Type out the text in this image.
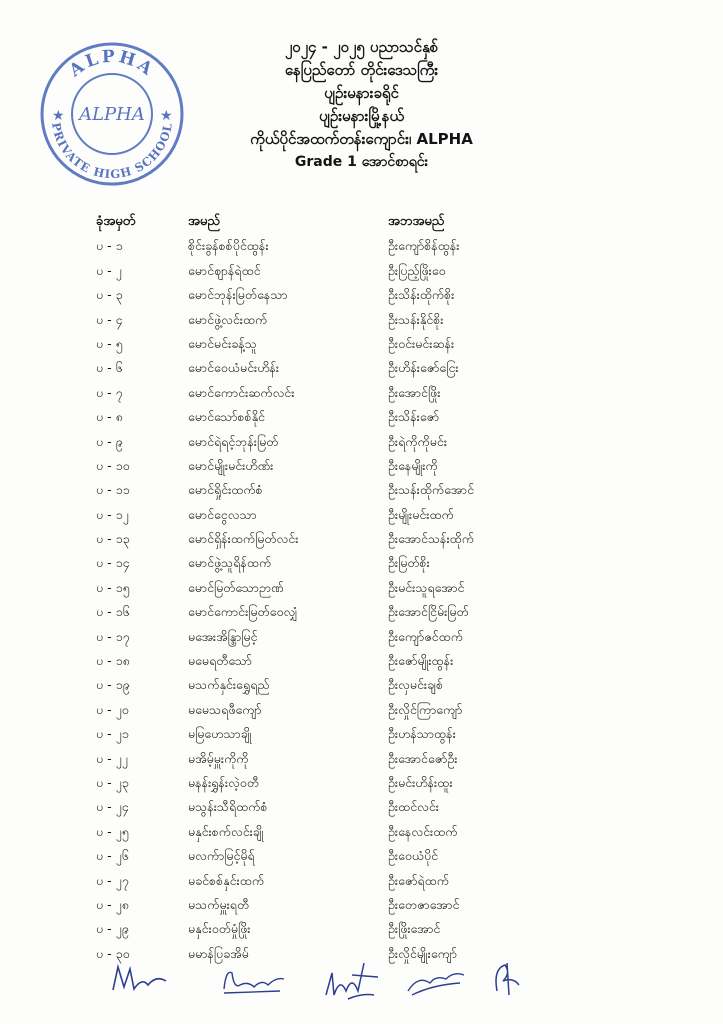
ALPHA
PRIVATE HIGH SCHOOL
★	★
ALPHA
၂၀၂၄ - ၂၀၂၅ ပညာသင်နှစ်
နေပြည်တော် တိုင်းဒေသကြီး
ပျဉ်းမနားခရိုင်
ပျဉ်းမနားမြို့နယ်
ကိုယ်ပိုင်အထက်တန်းကျောင်း၊ ALPHA
Grade 1 အောင်စာရင်း
ခုံအမှတ်	အမည်	အဘအမည်
ပ - ၁	စိုင်းခွန်စစ်ပိုင်ထွန်း	ဦးကျော်စိန်ထွန်း
ပ - ၂	မောင်ဈာန်ရဲထင်	ဦးပြည့်ဖြိုးဝေ
ပ - ၃	မောင်ဘုန်းမြတ်နေသာ	ဦးသိန်းထိုက်စိုး
ပ - ၄	မောင်ဖွဲ့လင်းထက်	ဦးသန်းနိုင်စိုး
ပ - ၅	မောင်မင်းခန့်သူ	ဦးဝင်းမင်းဆန်း
ပ - ၆	မောင်ဝေယံမင်းဟိန်း	ဦးဟိန်းဇော်ငြေး
ပ - ၇	မောင်ကောင်းဆက်လင်း	ဦးအောင်ဖြိုး
ပ - ၈	မောင်သော်စစ်နိုင်	ဦးသိန်းဇော်
ပ - ၉	မောင်ရဲရင့်ဘုန်းမြတ်	ဦးရဲကိုကိုမင်း
ပ - ၁၀	မောင်မျိုးမင်းဟိဏ်း	ဦးနေမျိုးကို
ပ - ၁၁	မောင်ရှိုင်းထက်စံ	ဦးသန်းထိုက်အောင်
ပ - ၁၂	မောင်ငွေလသာ	ဦးမျိုးမင်းထက်
ပ - ၁၃	မောင်ရှိန်းထက်မြတ်လင်း	ဦးအောင်သန်းထိုက်
ပ - ၁၄	မောင်ဖွဲ့သူရိန်ထက်	ဦးမြတ်စိုး
ပ - ၁၅	မောင်မြတ်သောဉာဏ်	ဦးမင်းသူရအောင်
ပ - ၁၆	မောင်ကောင်းမြတ်ဝေလျှံ	ဦးအောင်ငြိမ်းမြတ်
ပ - ၁၇	မအေးအိန္ဒြာမြင့်	ဦးကျော်ဇင်ထက်
ပ - ၁၈	မမေရတီသော်	ဦးဇော်မျိုးထွန်း
ပ - ၁၉	မသက်နှင်းရွှေရည်	ဦးလှမင်းချစ်
ပ - ၂၀	မမေသရဖီကျော်	ဦးလှိုင်ကြာကျော်
ပ - ၂၁	မမြဟေသာချို	ဦးဟန်သာထွန်း
ပ - ၂၂	မအိမ့်မှူးကိုကို	ဦးအောင်ဇော်ဦး
ပ - ၂၃	မနန်းရွှန်းလဲ့ဝတီ	ဦးမင်းဟိန်းထူး
ပ - ၂၄	မသွန်းသီရိထက်စံ	ဦးထင်လင်း
ပ - ၂၅	မနှင်းစက်လင်းချို	ဦးနေလင်းထက်
ပ - ၂၆	မလက်ာမြင့်မိုရ်	ဦးဝေယံပိုင်
ပ - ၂၇	မခင်စစ်နှင်းထက်	ဦးဇော်ရဲထက်
ပ - ၂၈	မသက်မှူးရတီ	ဦးတေဇာအောင်
ပ - ၂၉	မနှင်းဝတ်မှုံဖြိုး	ဦးဖြိုးအောင်
ပ - ၃၀	မမာန်ပြခအိမ်	ဦးလှိုင်မျိုးကျော်
